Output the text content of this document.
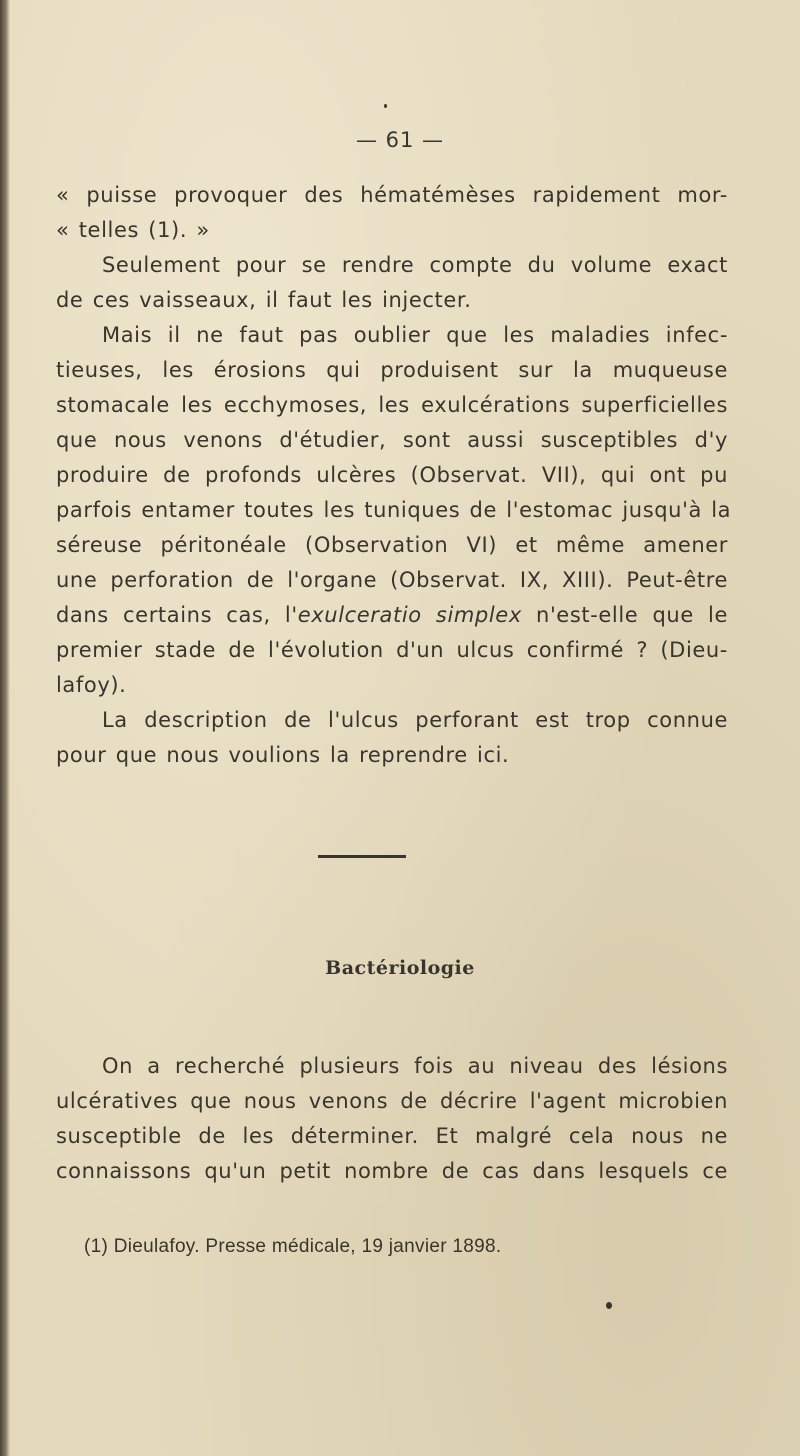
— 61 —
« puisse provoquer des hématémèses rapidement mor-
« telles (1). »
Seulement pour se rendre compte du volume exact
de ces vaisseaux, il faut les injecter.
Mais il ne faut pas oublier que les maladies infec-
tieuses, les érosions qui produisent sur la muqueuse
stomacale les ecchymoses, les exulcérations superficielles
que nous venons d'étudier, sont aussi susceptibles d'y
produire de profonds ulcères (Observat. VII), qui ont pu
parfois entamer toutes les tuniques de l'estomac jusqu'à la
séreuse péritonéale (Observation VI) et même amener
une perforation de l'organe (Observat. IX, XIII). Peut-être
dans certains cas, l'exulceratio simplex n'est-elle que le
premier stade de l'évolution d'un ulcus confirmé ? (Dieu-
lafoy).
La description de l'ulcus perforant est trop connue
pour que nous voulions la reprendre ici.
Bactériologie
On a recherché plusieurs fois au niveau des lésions
ulcératives que nous venons de décrire l'agent microbien
susceptible de les déterminer. Et malgré cela nous ne
connaissons qu'un petit nombre de cas dans lesquels ce
(1) Dieulafoy. Presse médicale, 19 janvier 1898.
